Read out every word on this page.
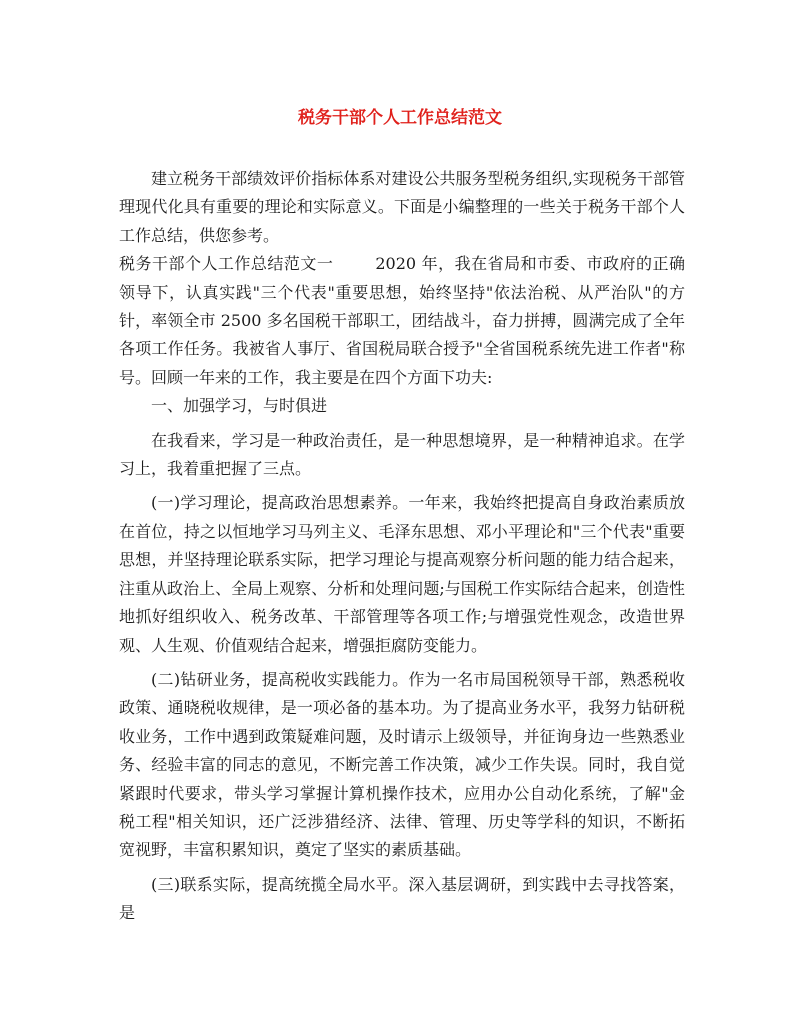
税务干部个人工作总结范文

建立税务干部绩效评价指标体系对建设公共服务型税务组织,实现税务干部管理现代化具有重要的理论和实际意义。下面是小编整理的一些关于税务干部个人工作总结，供您参考。

税务干部个人工作总结范文一	2020 年，我在省局和市委、市政府的正确领导下，认真实践"三个代表"重要思想，始终坚持"依法治税、从严治队"的方针，率领全市 2500 多名国税干部职工，团结战斗，奋力拼搏，圆满完成了全年各项工作任务。我被省人事厅、省国税局联合授予"全省国税系统先进工作者"称号。回顾一年来的工作，我主要是在四个方面下功夫:

一、加强学习，与时俱进

在我看来，学习是一种政治责任，是一种思想境界，是一种精神追求。在学习上，我着重把握了三点。

(一)学习理论，提高政治思想素养。一年来，我始终把提高自身政治素质放在首位，持之以恒地学习马列主义、毛泽东思想、邓小平理论和"三个代表"重要思想，并坚持理论联系实际，把学习理论与提高观察分析问题的能力结合起来，注重从政治上、全局上观察、分析和处理问题;与国税工作实际结合起来，创造性地抓好组织收入、税务改革、干部管理等各项工作;与增强党性观念，改造世界观、人生观、价值观结合起来，增强拒腐防变能力。

(二)钻研业务，提高税收实践能力。作为一名市局国税领导干部，熟悉税收政策、通晓税收规律，是一项必备的基本功。为了提高业务水平，我努力钻研税收业务，工作中遇到政策疑难问题，及时请示上级领导，并征询身边一些熟悉业务、经验丰富的同志的意见，不断完善工作决策，减少工作失误。同时，我自觉紧跟时代要求，带头学习掌握计算机操作技术，应用办公自动化系统，了解"金税工程"相关知识，还广泛涉猎经济、法律、管理、历史等学科的知识，不断拓宽视野，丰富积累知识，奠定了坚实的素质基础。

(三)联系实际，提高统揽全局水平。深入基层调研，到实践中去寻找答案，是
